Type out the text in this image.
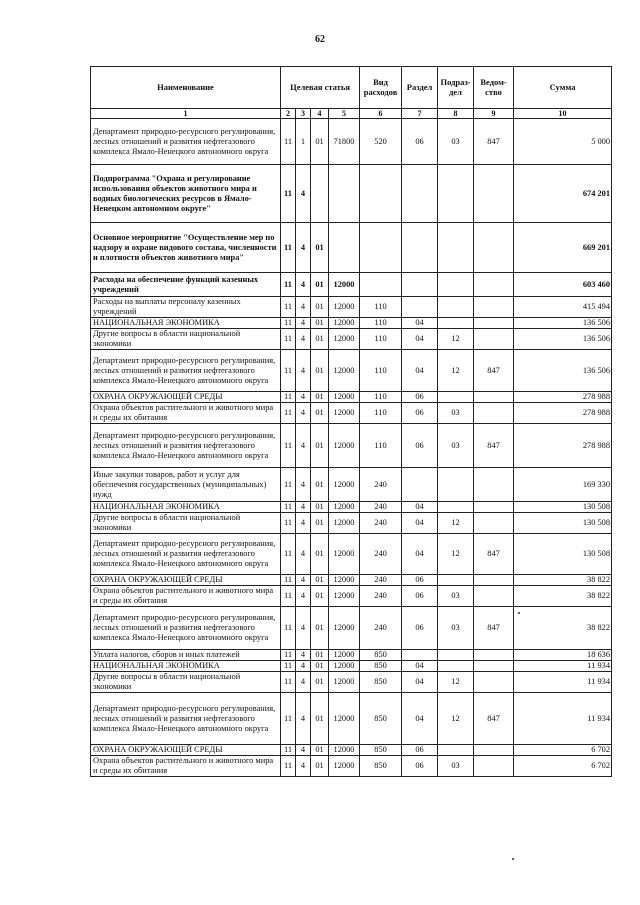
62
Наименование	Целевая статья				Вид расходов	Раздел	Подраз-дел	Ведом-ство	Сумма
1	2	3	4	5	6	7	8	9	10
Департамент природно-ресурсного регулирования, лесных отношений и развития нефтегазового комплекса Ямало-Ненецкого автономного округа	11	1	01	71800	520	06	03	847	5 000
Подпрограмма "Охрана и регулирование использования объектов животного мира и водных биологических ресурсов в Ямало-Ненецком автономном округе"	11	4							674 201
Основное мероприятие "Осуществление мер по надзору и охране видового состава, численности и плотности объектов животного мира"	11	4	01						669 201
Расходы на обеспечение функций казенных учреждений	11	4	01	12000					603 460
Расходы на выплаты персоналу казенных учреждений	11	4	01	12000	110				415 494
НАЦИОНАЛЬНАЯ ЭКОНОМИКА	11	4	01	12000	110	04			136 506
Другие вопросы в области национальной экономики	11	4	01	12000	110	04	12		136 506
Департамент природно-ресурсного регулирования, лесных отношений и развития нефтегазового комплекса Ямало-Ненецкого автономного округа	11	4	01	12000	110	04	12	847	136 506
ОХРАНА ОКРУЖАЮЩЕЙ СРЕДЫ	11	4	01	12000	110	06			278 988
Охрана объектов растительного и животного мира и среды их обитания	11	4	01	12000	110	06	03		278 988
Департамент природно-ресурсного регулирования, лесных отношений и развития нефтегазового комплекса Ямало-Ненецкого автономного округа	11	4	01	12000	110	06	03	847	278 988
Иные закупки товаров, работ и услуг для обеспечения государственных (муниципальных) нужд	11	4	01	12000	240				169 330
НАЦИОНАЛЬНАЯ ЭКОНОМИКА	11	4	01	12000	240	04			130 508
Другие вопросы в области национальной экономики	11	4	01	12000	240	04	12		130 508
Департамент природно-ресурсного регулирования, лесных отношений и развития нефтегазового комплекса Ямало-Ненецкого автономного округа	11	4	01	12000	240	04	12	847	130 508
ОХРАНА ОКРУЖАЮЩЕЙ СРЕДЫ	11	4	01	12000	240	06			38 822
Охрана объектов растительного и животного мира и среды их обитания	11	4	01	12000	240	06	03		38 822
Департамент природно-ресурсного регулирования, лесных отношений и развития нефтегазового комплекса Ямало-Ненецкого автономного округа	11	4	01	12000	240	06	03	847	38 822
Уплата налогов, сборов и иных платежей	11	4	01	12000	850				18 636
НАЦИОНАЛЬНАЯ ЭКОНОМИКА	11	4	01	12000	850	04			11 934
Другие вопросы в области национальной экономики	11	4	01	12000	850	04	12		11 934
Департамент природно-ресурсного регулирования, лесных отношений и развития нефтегазового комплекса Ямало-Ненецкого автономного округа	11	4	01	12000	850	04	12	847	11 934
ОХРАНА ОКРУЖАЮЩЕЙ СРЕДЫ	11	4	01	12000	850	06			6 702
Охрана объектов растительного и животного мира и среды их обитания	11	4	01	12000	850	06	03		6 702
